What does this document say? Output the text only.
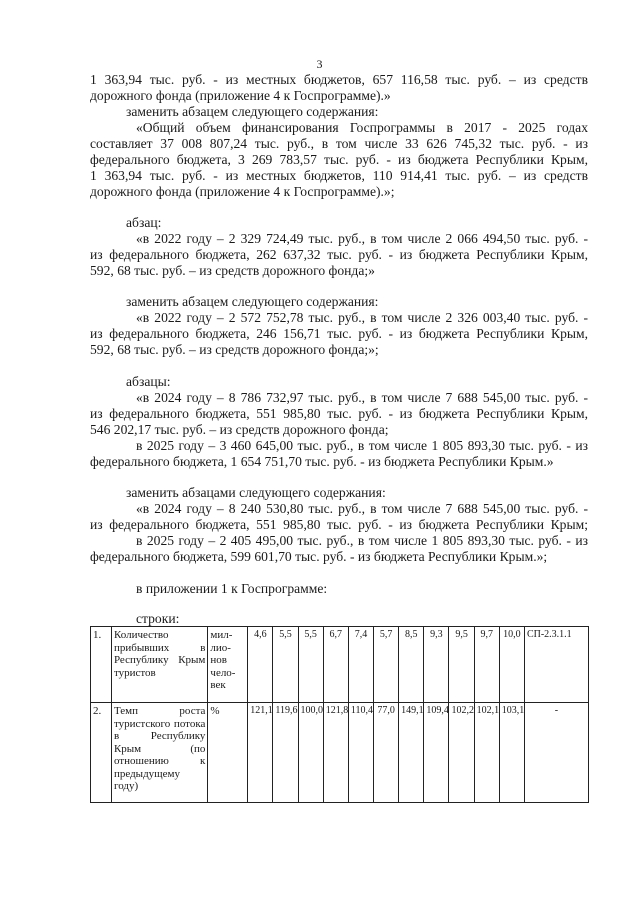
3
1 363,94 тыс. руб. - из местных бюджетов, 657 116,58 тыс. руб. – из средств
дорожного фонда (приложение 4 к Госпрограмме).»
заменить абзацем следующего содержания:
«Общий объем финансирования Госпрограммы в 2017 - 2025 годах
составляет 37 008 807,24 тыс. руб., в том числе 33 626 745,32 тыс. руб. - из
федерального бюджета, 3 269 783,57 тыс. руб. - из бюджета Республики Крым,
1 363,94 тыс. руб. - из местных бюджетов, 110 914,41 тыс. руб. – из средств
дорожного фонда (приложение 4 к Госпрограмме).»;
абзац:
«в 2022 году – 2 329 724,49 тыс. руб., в том числе 2 066 494,50 тыс. руб. -
из федерального бюджета, 262 637,32 тыс. руб. - из бюджета Республики Крым,
592, 68 тыс. руб. – из средств дорожного фонда;»
заменить абзацем следующего содержания:
«в 2022 году – 2 572 752,78 тыс. руб., в том числе 2 326 003,40 тыс. руб. -
из федерального бюджета, 246 156,71 тыс. руб. - из бюджета Республики Крым,
592, 68 тыс. руб. – из средств дорожного фонда;»;
абзацы:
«в 2024 году – 8 786 732,97 тыс. руб., в том числе 7 688 545,00 тыс. руб. -
из федерального бюджета, 551 985,80 тыс. руб. - из бюджета Республики Крым,
546 202,17 тыс. руб. – из средств дорожного фонда;
в 2025 году – 3 460 645,00 тыс. руб., в том числе 1 805 893,30 тыс. руб. - из
федерального бюджета, 1 654 751,70 тыс. руб. - из бюджета Республики Крым.»
заменить абзацами следующего содержания:
«в 2024 году – 8 240 530,80 тыс. руб., в том числе 7 688 545,00 тыс. руб. -
из федерального бюджета, 551 985,80 тыс. руб. - из бюджета Республики Крым;
в 2025 году – 2 405 495,00 тыс. руб., в том числе 1 805 893,30 тыс. руб. - из
федерального бюджета, 599 601,70 тыс. руб. - из бюджета Республики Крым.»;
в приложении 1 к Госпрограмме:
строки:
1.	Количество прибывших в Республику Крым туристов	мил-лио-нов чело-век	4,6	5,5	5,5	6,7	7,4	5,7	8,5	9,3	9,5	9,7	10,0	СП-2.3.1.1
2.	Темп роста туристского потока в Республику Крым (по отношению к предыдущему году)	%	121,1	119,6	100,0	121,8	110,4	77,0	149,1	109,4	102,2	102,1	103,1	-
